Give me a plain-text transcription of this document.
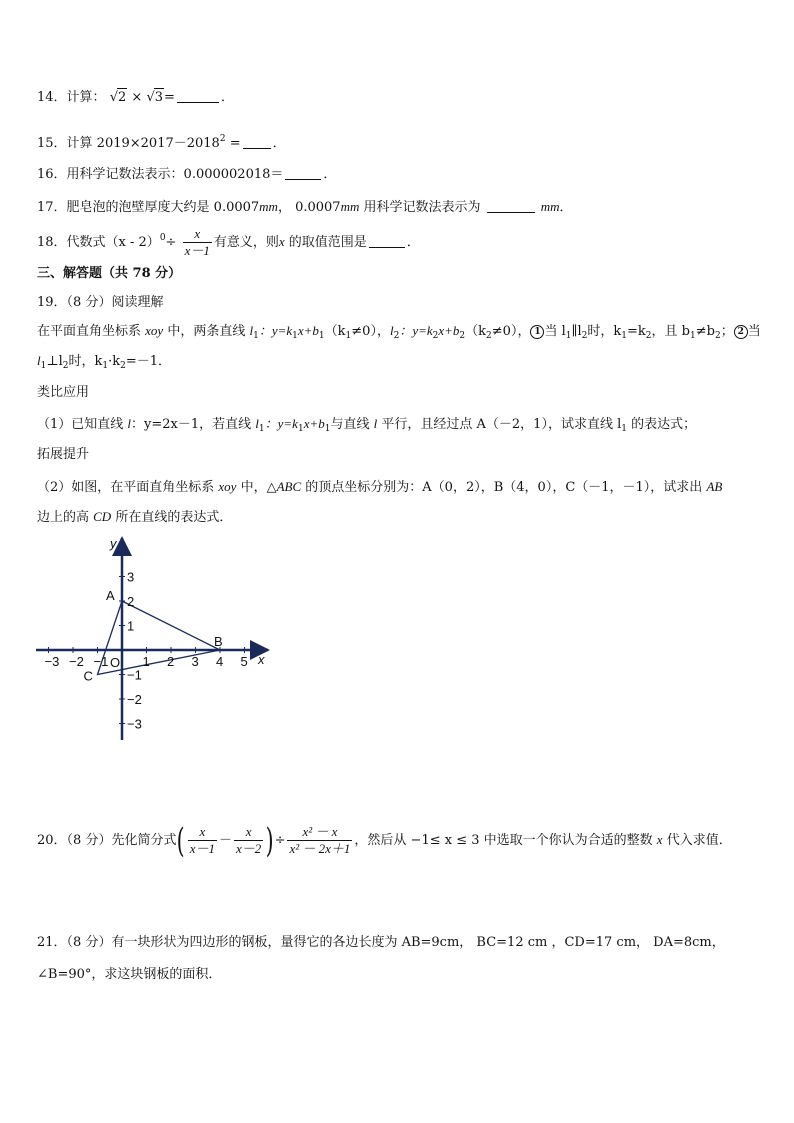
14．计算： √2 × √3=	．
15．计算 $2019\times 2017-2018^2$ = ．
16．用科学记数法表示：0.000002018＝	．
17．肥皂泡的泡壁厚度大约是 0.0007mm， 0.0007mm 用科学记数法表示为	mm．
18．代数式$(x - 2)^0\div \frac{x}{x-1}$ 有意义，则x 的取值范围是	．
三、解答题（共 78 分）
19．（8 分）阅读理解
在平面直角坐标系 xoy 中，两条直线 $l_1$：$y=k_1x+b_1(k_1\ne 0)$，$l_2$：$y=k_2x+b_2(k_2\ne 0)$， 1 当 $l_1\parallel l_2$时，$k_1=k_2$，且 $b_1\ne b_2$； 2 当
$l_1\perp l_2$时，$k_1\cdot k_2=-1$．
类比应用
（1）已知直线 l：y=2x－1，若直线 $l_1$：$y=k_1x+b_1$与直线 l 平行，且经过点 A（－2，1），试求直线 $l_1$ 的表达式；
拓展提升
（2）如图，在平面直角坐标系 xoy 中，△ABC 的顶点坐标分别为：A（0，2），B（4，0），C（－1，－1），试求出 AB
边上的高 CD 所在直线的表达式．
−3 −2 −1	1 2 3 4 5
3
2
1
−1
−2
−3
A
B
C
O
y
x
20．（8 分）先化简分式( $\frac{x}{x-1} - \frac{x}{x-2}$ )÷ $\frac{\text{x² － x}}{\text{x² － 2x＋1}}$ ，然后从 −1≤ x ≤ 3 中选取一个你认为合适的整数 x 代入求值．
21．（8 分）有一块形状为四边形的钢板，量得它的各边长度为 AB=9cm， BC=12 cm ，CD=17 cm， DA=8cm，
∠B=90°，求这块钢板的面积．
